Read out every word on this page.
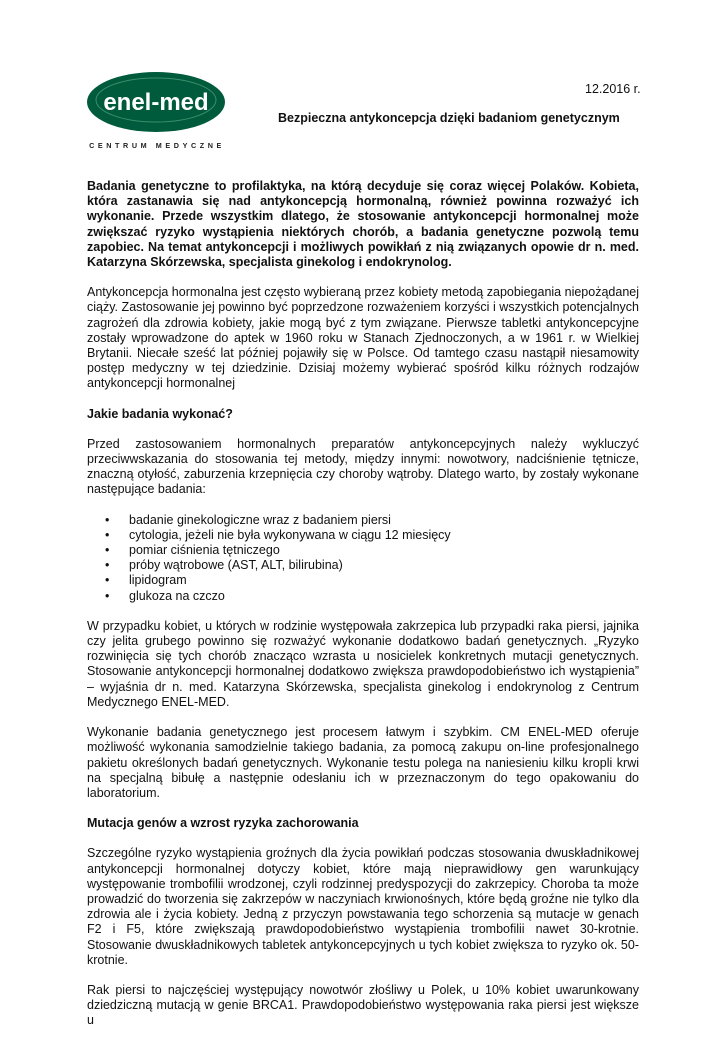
enel-med
CENTRUM MEDYCZNE
12.2016 r.
Bezpieczna antykoncepcja dzięki badaniom genetycznym

Badania genetyczne to profilaktyka, na którą decyduje się coraz więcej Polaków. Kobieta, która zastanawia się nad antykoncepcją hormonalną, również powinna rozważyć ich wykonanie. Przede wszystkim dlatego, że stosowanie antykoncepcji hormonalnej może zwiększać ryzyko wystąpienia niektórych chorób, a badania genetyczne pozwolą temu zapobiec. Na temat antykoncepcji i możliwych powikłań z nią związanych opowie dr n. med. Katarzyna Skórzewska, specjalista ginekolog i endokrynolog.

Antykoncepcja hormonalna jest często wybieraną przez kobiety metodą zapobiegania niepożądanej ciąży. Zastosowanie jej powinno być poprzedzone rozważeniem korzyści i wszystkich potencjalnych zagrożeń dla zdrowia kobiety, jakie mogą być z tym związane. Pierwsze tabletki antykoncepcyjne zostały wprowadzone do aptek w 1960 roku w Stanach Zjednoczonych, a w 1961 r. w Wielkiej Brytanii. Niecałe sześć lat później pojawiły się w Polsce. Od tamtego czasu nastąpił niesamowity postęp medyczny w tej dziedzinie. Dzisiaj możemy wybierać spośród kilku różnych rodzajów antykoncepcji hormonalnej

Jakie badania wykonać?

Przed zastosowaniem hormonalnych preparatów antykoncepcyjnych należy wykluczyć przeciwwskazania do stosowania tej metody, między innymi: nowotwory, nadciśnienie tętnicze, znaczną otyłość, zaburzenia krzepnięcia czy choroby wątroby. Dlatego warto, by zostały wykonane następujące badania:

• badanie ginekologiczne wraz z badaniem piersi
• cytologia, jeżeli nie była wykonywana w ciągu 12 miesięcy
• pomiar ciśnienia tętniczego
• próby wątrobowe (AST, ALT, bilirubina)
• lipidogram
• glukoza na czczo

W przypadku kobiet, u których w rodzinie występowała zakrzepica lub przypadki raka piersi, jajnika czy jelita grubego powinno się rozważyć wykonanie dodatkowo badań genetycznych. „Ryzyko rozwinięcia się tych chorób znacząco wzrasta u nosicielek konkretnych mutacji genetycznych. Stosowanie antykoncepcji hormonalnej dodatkowo zwiększa prawdopodobieństwo ich wystąpienia” – wyjaśnia dr n. med. Katarzyna Skórzewska, specjalista ginekolog i endokrynolog z Centrum Medycznego ENEL-MED.

Wykonanie badania genetycznego jest procesem łatwym i szybkim. CM ENEL-MED oferuje możliwość wykonania samodzielnie takiego badania, za pomocą zakupu on-line profesjonalnego pakietu określonych badań genetycznych. Wykonanie testu polega na naniesieniu kilku kropli krwi na specjalną bibułę a następnie odesłaniu ich w przeznaczonym do tego opakowaniu do laboratorium.

Mutacja genów a wzrost ryzyka zachorowania

Szczególne ryzyko wystąpienia groźnych dla życia powikłań podczas stosowania dwuskładnikowej antykoncepcji hormonalnej dotyczy kobiet, które mają nieprawidłowy gen warunkujący występowanie trombofilii wrodzonej, czyli rodzinnej predyspozycji do zakrzepicy. Choroba ta może prowadzić do tworzenia się zakrzepów w naczyniach krwionośnych, które będą groźne nie tylko dla zdrowia ale i życia kobiety. Jedną z przyczyn powstawania tego schorzenia są mutacje w genach F2 i F5, które zwiększają prawdopodobieństwo wystąpienia trombofilii nawet 30-krotnie. Stosowanie dwuskładnikowych tabletek antykoncepcyjnych u tych kobiet zwiększa to ryzyko ok. 50-krotnie.

Rak piersi to najczęściej występujący nowotwór złośliwy u Polek, u 10% kobiet uwarunkowany dziedziczną mutacją w genie BRCA1. Prawdopodobieństwo występowania raka piersi jest większe u
